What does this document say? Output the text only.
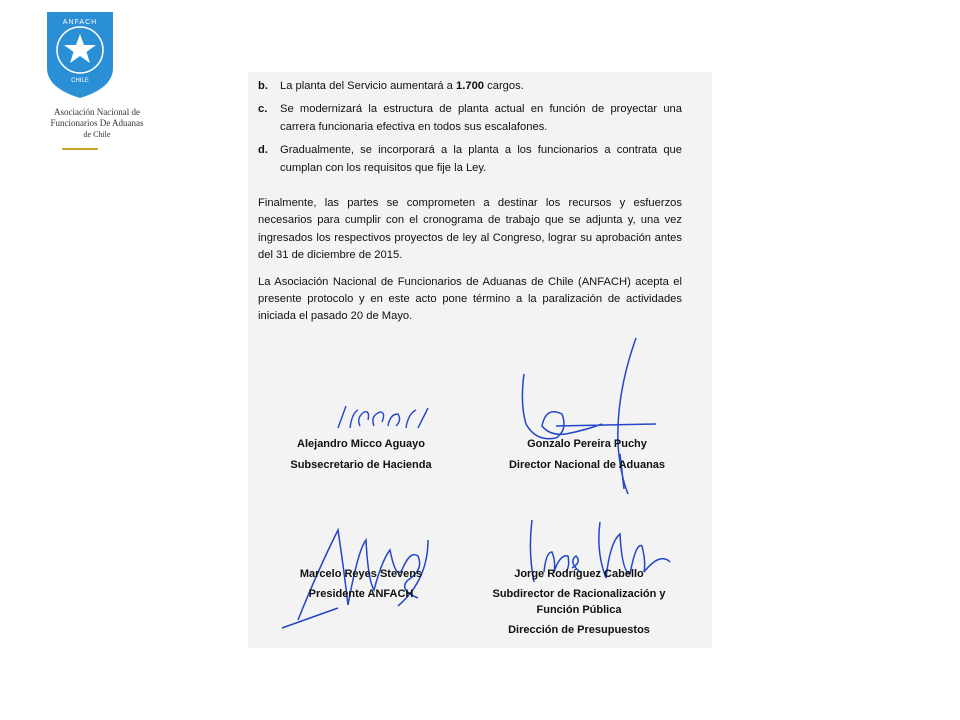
ANFACH
CHILE
Asociación Nacional de
Funcionarios De Aduanas
de Chile
b.	La planta del Servicio aumentará a 1.700 cargos.
c.	Se modernizará la estructura de planta actual en función de proyectar una carrera funcionaria efectiva en todos sus escalafones.
d.	Gradualmente, se incorporará a la planta a los funcionarios a contrata que cumplan con los requisitos que fije la Ley.
Finalmente, las partes se comprometen a destinar los recursos y esfuerzos necesarios para cumplir con el cronograma de trabajo que se adjunta y, una vez ingresados los respectivos proyectos de ley al Congreso, lograr su aprobación antes del 31 de diciembre de 2015.
La Asociación Nacional de Funcionarios de Aduanas de Chile (ANFACH) acepta el presente protocolo y en este acto pone término a la paralización de actividades iniciada el pasado 20 de Mayo.
Alejandro Micco Aguayo
Subsecretario de Hacienda
Gonzalo Pereira Puchy
Director Nacional de Aduanas
Marcelo Reyes Stevens
Presidente ANFACH
Jorge Rodríguez Cabello
Subdirector de Racionalización y
Función Pública
Dirección de Presupuestos
